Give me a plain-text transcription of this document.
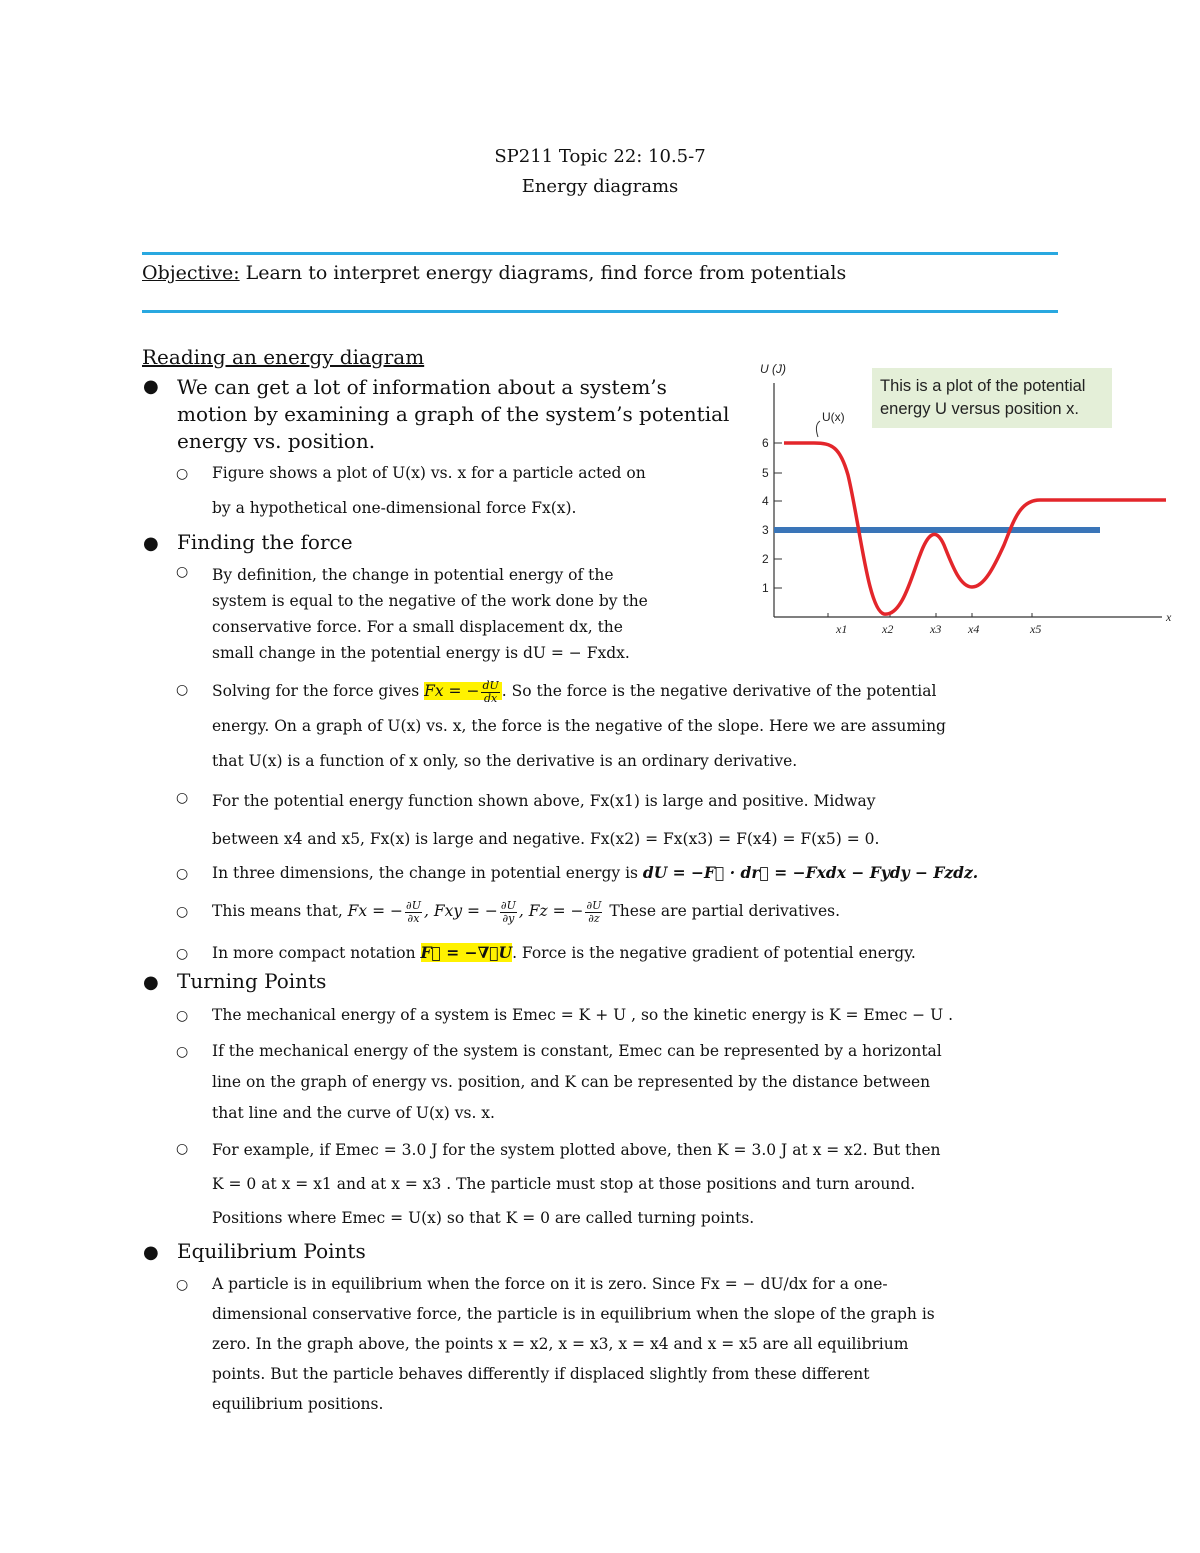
SP211 Topic 22: 10.5-7
Energy diagrams
Objective: Learn to interpret energy diagrams, find force from potentials
Reading an energy diagram
● We can get a lot of information about a system’s motion by examining a graph of the system’s potential energy vs. position.
○ Figure shows a plot of U(x) vs. x for a particle acted on
by a hypothetical one-dimensional force Fx(x).
This is a plot of the potential energy U versus position x.
U (J)
6
5
4
3
2
1
x1	x2	x3 x4	x5
x
U(x)
● Finding the force
○ By definition, the change in potential energy of the
system is equal to the negative of the work done by the
conservative force. For a small displacement dx, the
small change in the potential energy is dU = − Fxdx.
○ Solving for the force gives Fx = − $\frac{dU}{dx}$ . So the force is the negative derivative of the potential
energy. On a graph of U(x) vs. x, the force is the negative of the slope. Here we are assuming
that U(x) is a function of x only, so the derivative is an ordinary derivative.
○ For the potential energy function shown above, Fx(x1) is large and positive. Midway
between x4 and x5, Fx(x) is large and negative. Fx(x2) = Fx(x3) = F(x4) = F(x5) = 0.
○ In three dimensions, the change in potential energy is dU = −F⃗ · dr⃗ = −Fxdx − Fydy − Fzdz.
○ This means that, Fx = − $\frac{\partial U}{\partial x}$ , Fxy = − $\frac{\partial U}{\partial y}$ , Fz = − $\frac{\partial U}{\partial z}$ These are partial derivatives.
○ In more compact notation F⃗ = −∇⃗U. Force is the negative gradient of potential energy.
● Turning Points
○ The mechanical energy of a system is Emec = K + U , so the kinetic energy is K = Emec − U .
○ If the mechanical energy of the system is constant, Emec can be represented by a horizontal
line on the graph of energy vs. position, and K can be represented by the distance between
that line and the curve of U(x) vs. x.
○ For example, if Emec = 3.0 J for the system plotted above, then K = 3.0 J at x = x2. But then
K = 0 at x = x1 and at x = x3 . The particle must stop at those positions and turn around.
Positions where Emec = U(x) so that K = 0 are called turning points.
● Equilibrium Points
○ A particle is in equilibrium when the force on it is zero. Since Fx = − dU/dx for a one-
dimensional conservative force, the particle is in equilibrium when the slope of the graph is
zero. In the graph above, the points x = x2, x = x3, x = x4 and x = x5 are all equilibrium
points. But the particle behaves differently if displaced slightly from these different
equilibrium positions.
